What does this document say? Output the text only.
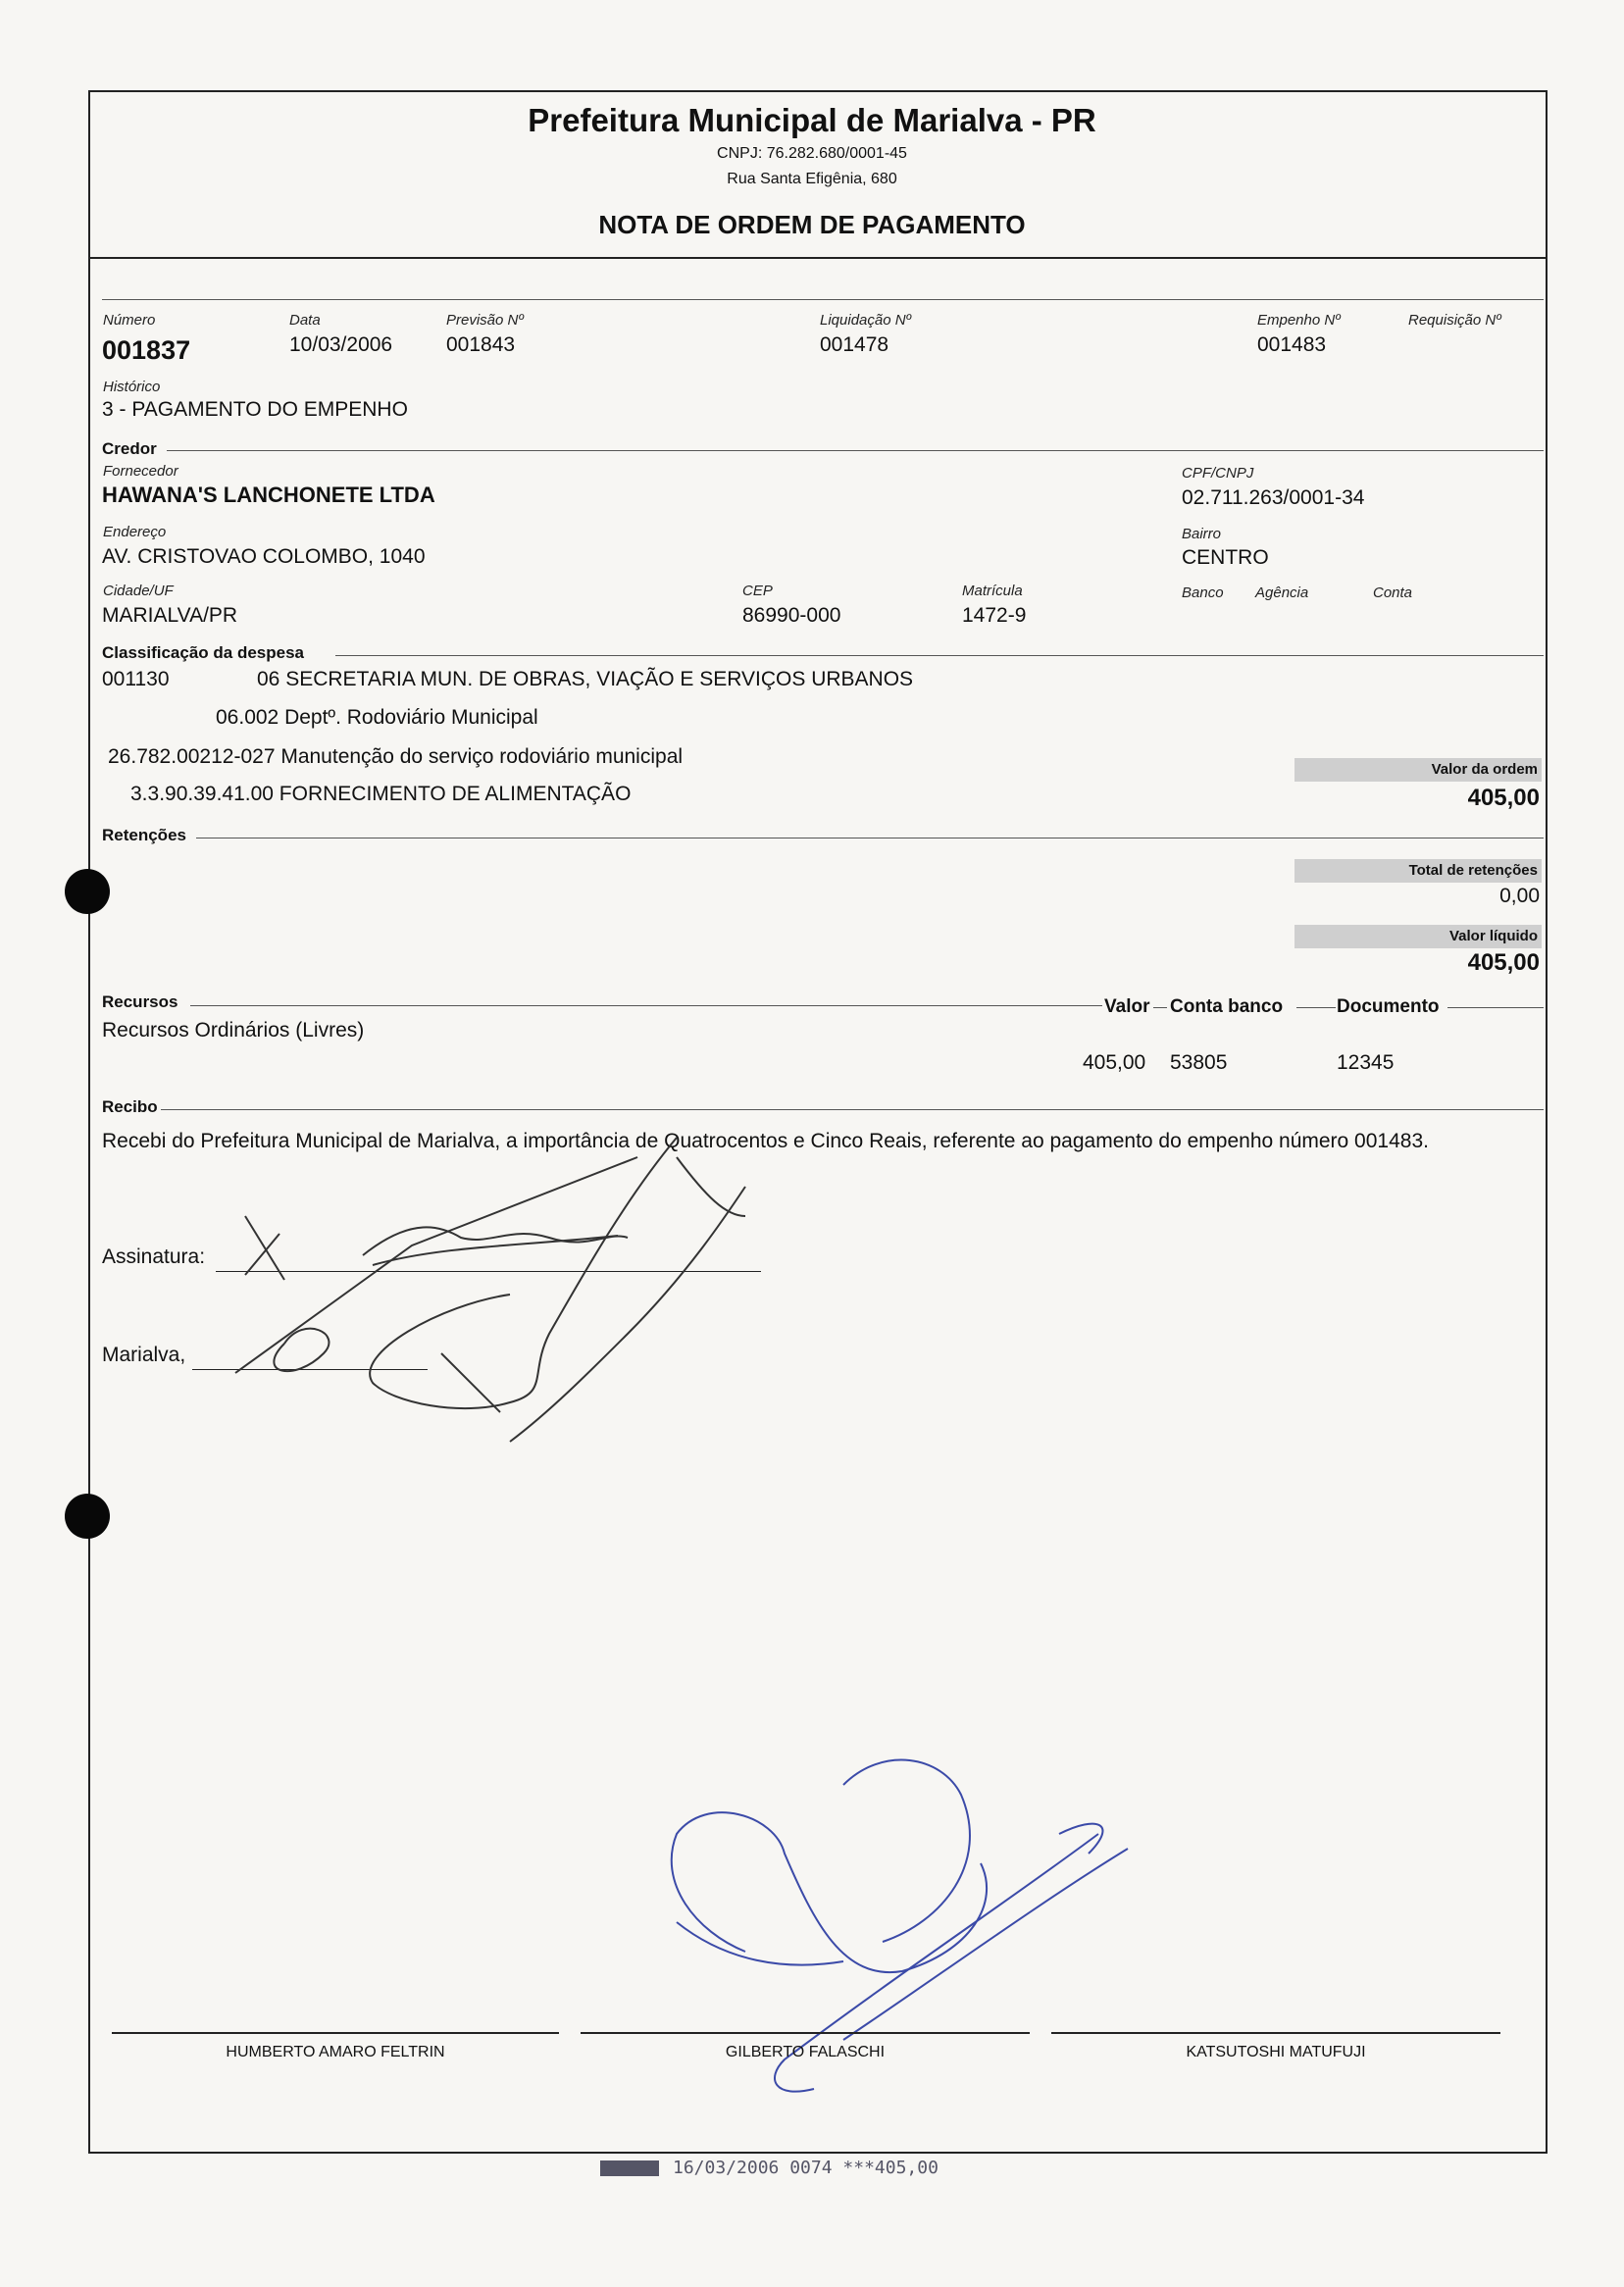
Prefeitura Municipal de Marialva - PR
CNPJ: 76.282.680/0001-45
Rua Santa Efigênia, 680
NOTA DE ORDEM DE PAGAMENTO
Número
001837
Data
10/03/2006
Previsão Nº
001843
Liquidação Nº
001478
Empenho Nº
001483
Requisição Nº
Histórico
3 - PAGAMENTO DO EMPENHO
Credor
Fornecedor
HAWANA'S LANCHONETE LTDA
CPF/CNPJ
02.711.263/0001-34
Endereço
AV. CRISTOVAO COLOMBO, 1040
Bairro
CENTRO
Cidade/UF
MARIALVA/PR
CEP
86990-000
Matrícula
1472-9
Banco Agência	Conta
Classificação da despesa
001130	06 SECRETARIA MUN. DE OBRAS, VIAÇÃO E SERVIÇOS URBANOS
06.002 Deptº. Rodoviário Municipal
26.782.00212-027 Manutenção do serviço rodoviário municipal
3.3.90.39.41.00 FORNECIMENTO DE ALIMENTAÇÃO
Valor da ordem
405,00
Retenções
Total de retenções
0,00
Valor líquido
405,00
Recursos	Valor Conta banco	Documento
Recursos Ordinários (Livres)
405,00 53805	12345
Recibo
Recebi do Prefeitura Municipal de Marialva, a importância de Quatrocentos e Cinco Reais, referente ao pagamento do empenho número 001483.
Assinatura:
Marialva,
HUMBERTO AMARO FELTRIN	GILBERTO FALASCHI	KATSUTOSHI MATUFUJI
16/03/2006 0074 ***405,00
